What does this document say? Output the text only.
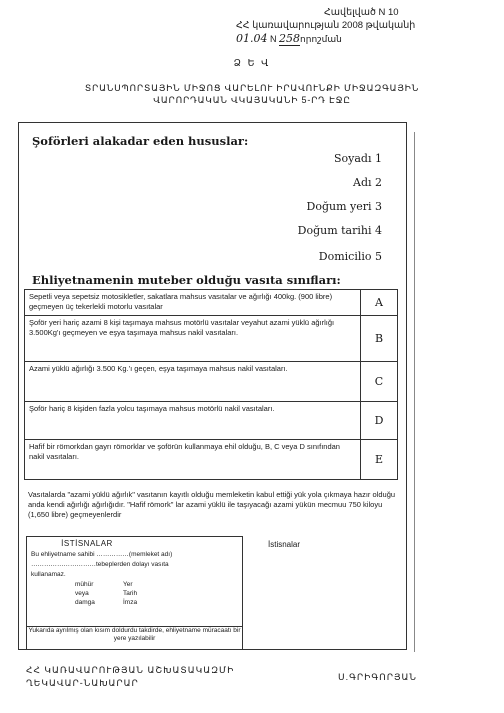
Հավելված N 10
ՀՀ կառավարության 2008 թվականի
01.04 N 258որոշման
Ձ Ե Վ
ՏՐԱՆՍՊՈՐՏԱՅԻՆ ՄԻՋՈՑ ՎԱՐԵԼՈՒ ԻՐԱՎՈՒՆՔԻ ՄԻՋԱԶԳԱՅԻՆ
ՎԱՐՈՐԴԱԿԱՆ ՎԿԱՅԱԿԱՆԻ 5-ՐԴ ԷՋԸ
Şoförleri alakadar eden hususlar:
Soyadı 1
Adı 2
Doğum yeri 3
Doğum tarihi 4
Domicilio 5
Ehliyetnamenin muteber olduğu vasıta sınıfları:
Sepetli veya sepetsiz motosikletler, sakatlara mahsus vasıtalar ve ağırlığı 400kg. (900 libre) geçmeyen üç tekerlekli motorlu vasıtalar	A
Şoför yeri hariç azami 8 kişi taşımaya mahsus motörlü vasıtalar veyahut azami yüklü ağırlığı 3.500Kg'ı geçmeyen ve eşya taşımaya mahsus nakil vasıtaları.	B
Azami yüklü ağırlığı 3.500 Kg.'ı geçen, eşya taşımaya mahsus nakil vasıtaları.	C
Şoför hariç 8 kişiden fazla yolcu taşımaya mahsus motörlü nakil vasıtaları.	D
Hafif bir römorkdan gayrı römorklar ve şoförün kullanmaya ehil olduğu, B, C veya D sınıfından nakil vasıtaları.	E
Vasıtalarda "azami yüklü ağırlık" vasıtanın kayıtlı olduğu memleketin kabul ettiği yük yola çıkmaya hazır olduğu anda kendi ağırlığı ağırlığıdır. "Hafif römork" lar azami yüklü ile taşıyacağı azami yükün mecmuu 750 kiloyu (1,650 libre) geçmeyenlerdir
İSTİSNALAR
Bu ehliyetname sahibi ……………(memleket adı)
…………………………tebeplerden dolayı vasıta
kullanamaz.
mühür	Yer
veya	Tarih
damga	İmza
Yukarıda ayrılmış olan kısım doldurdu takdirde, ehliyetname müracaatı bir yere yazılabilir
İstisnalar
ՀՀ ԿԱՌԱՎԱՐՈՒԹՅԱՆ ԱՇԽԱՏԱԿԱԶՄԻ
ՂԵԿԱՎԱՐ-ՆԱԽԱՐԱՐ
Ս.ԳՐԻԳՈՐՅԱՆ
